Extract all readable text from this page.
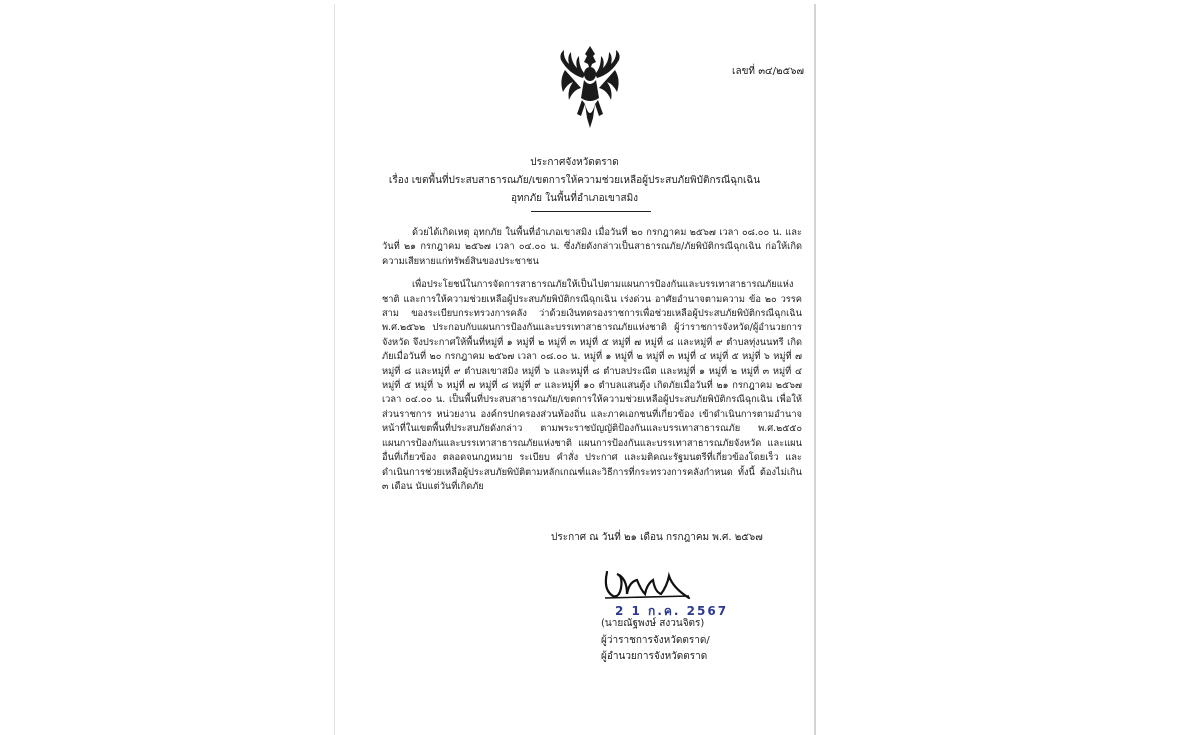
เลขที่ ๓๔/๒๕๖๗
ประกาศจังหวัดตราด
เรื่อง เขตพื้นที่ประสบสาธารณภัย/เขตการให้ความช่วยเหลือผู้ประสบภัยพิบัติกรณีฉุกเฉิน
อุทกภัย ในพื้นที่อำเภอเขาสมิง

ด้วยได้เกิดเหตุ อุทกภัย ในพื้นที่อำเภอเขาสมิง เมื่อวันที่ ๒๐ กรกฎาคม ๒๕๖๗ เวลา ๐๘.๐๐ น. และวันที่ ๒๑ กรกฎาคม ๒๕๖๗ เวลา ๐๔.๐๐ น. ซึ่งภัยดังกล่าวเป็นสาธารณภัย/ภัยพิบัติกรณีฉุกเฉิน ก่อให้เกิดความเสียหายแก่ทรัพย์สินของประชาชน

เพื่อประโยชน์ในการจัดการสาธารณภัยให้เป็นไปตามแผนการป้องกันและบรรเทาสาธารณภัยแห่งชาติ และการให้ความช่วยเหลือผู้ประสบภัยพิบัติกรณีฉุกเฉิน เร่งด่วน อาศัยอำนาจตามความ ข้อ ๒๐ วรรคสาม ของระเบียบกระทรวงการคลัง ว่าด้วยเงินทดรองราชการเพื่อช่วยเหลือผู้ประสบภัยพิบัติกรณีฉุกเฉิน พ.ศ.๒๕๖๒ ประกอบกับแผนการป้องกันและบรรเทาสาธารณภัยแห่งชาติ ผู้ว่าราชการจังหวัด/ผู้อำนวยการจังหวัด จึงประกาศให้พื้นที่หมู่ที่ ๑ หมู่ที่ ๒ หมู่ที่ ๓ หมู่ที่ ๕ หมู่ที่ ๗ หมู่ที่ ๘ และหมู่ที่ ๙ ตำบลทุ่งนนทรี เกิดภัยเมื่อวันที่ ๒๐ กรกฎาคม ๒๕๖๗ เวลา ๐๘.๐๐ น. หมู่ที่ ๑ หมู่ที่ ๒ หมู่ที่ ๓ หมู่ที่ ๔ หมู่ที่ ๕ หมู่ที่ ๖ หมู่ที่ ๗ หมู่ที่ ๘ และหมู่ที่ ๙ ตำบลเขาสมิง หมู่ที่ ๖ และหมู่ที่ ๘ ตำบลประณีต และหมู่ที่ ๑ หมู่ที่ ๒ หมู่ที่ ๓ หมู่ที่ ๔ หมู่ที่ ๕ หมู่ที่ ๖ หมู่ที่ ๗ หมู่ที่ ๘ หมู่ที่ ๙ และหมู่ที่ ๑๐ ตำบลแสนตุ้ง เกิดภัยเมื่อวันที่ ๒๑ กรกฎาคม ๒๕๖๗ เวลา ๐๔.๐๐ น. เป็นพื้นที่ประสบสาธารณภัย/เขตการให้ความช่วยเหลือผู้ประสบภัยพิบัติกรณีฉุกเฉิน เพื่อให้ส่วนราชการ หน่วยงาน องค์กรปกครองส่วนท้องถิ่น และภาคเอกชนที่เกี่ยวข้อง เข้าดำเนินการตามอำนาจหน้าที่ในเขตพื้นที่ประสบภัยดังกล่าว ตามพระราชบัญญัติป้องกันและบรรเทาสาธารณภัย พ.ศ.๒๕๕๐ แผนการป้องกันและบรรเทาสาธารณภัยแห่งชาติ แผนการป้องกันและบรรเทาสาธารณภัยจังหวัด และแผนอื่นที่เกี่ยวข้อง ตลอดจนกฎหมาย ระเบียบ คำสั่ง ประกาศ และมติคณะรัฐมนตรีที่เกี่ยวข้องโดยเร็ว และดำเนินการช่วยเหลือผู้ประสบภัยพิบัติตามหลักเกณฑ์และวิธีการที่กระทรวงการคลังกำหนด ทั้งนี้ ต้องไม่เกิน ๓ เดือน นับแต่วันที่เกิดภัย

ประกาศ ณ วันที่ ๒๑ เดือน กรกฎาคม พ.ศ. ๒๕๖๗
2 1 ก.ค. 2567
(นายณัฐพงษ์ สงวนจิตร)
ผู้ว่าราชการจังหวัดตราด/
ผู้อำนวยการจังหวัดตราด
